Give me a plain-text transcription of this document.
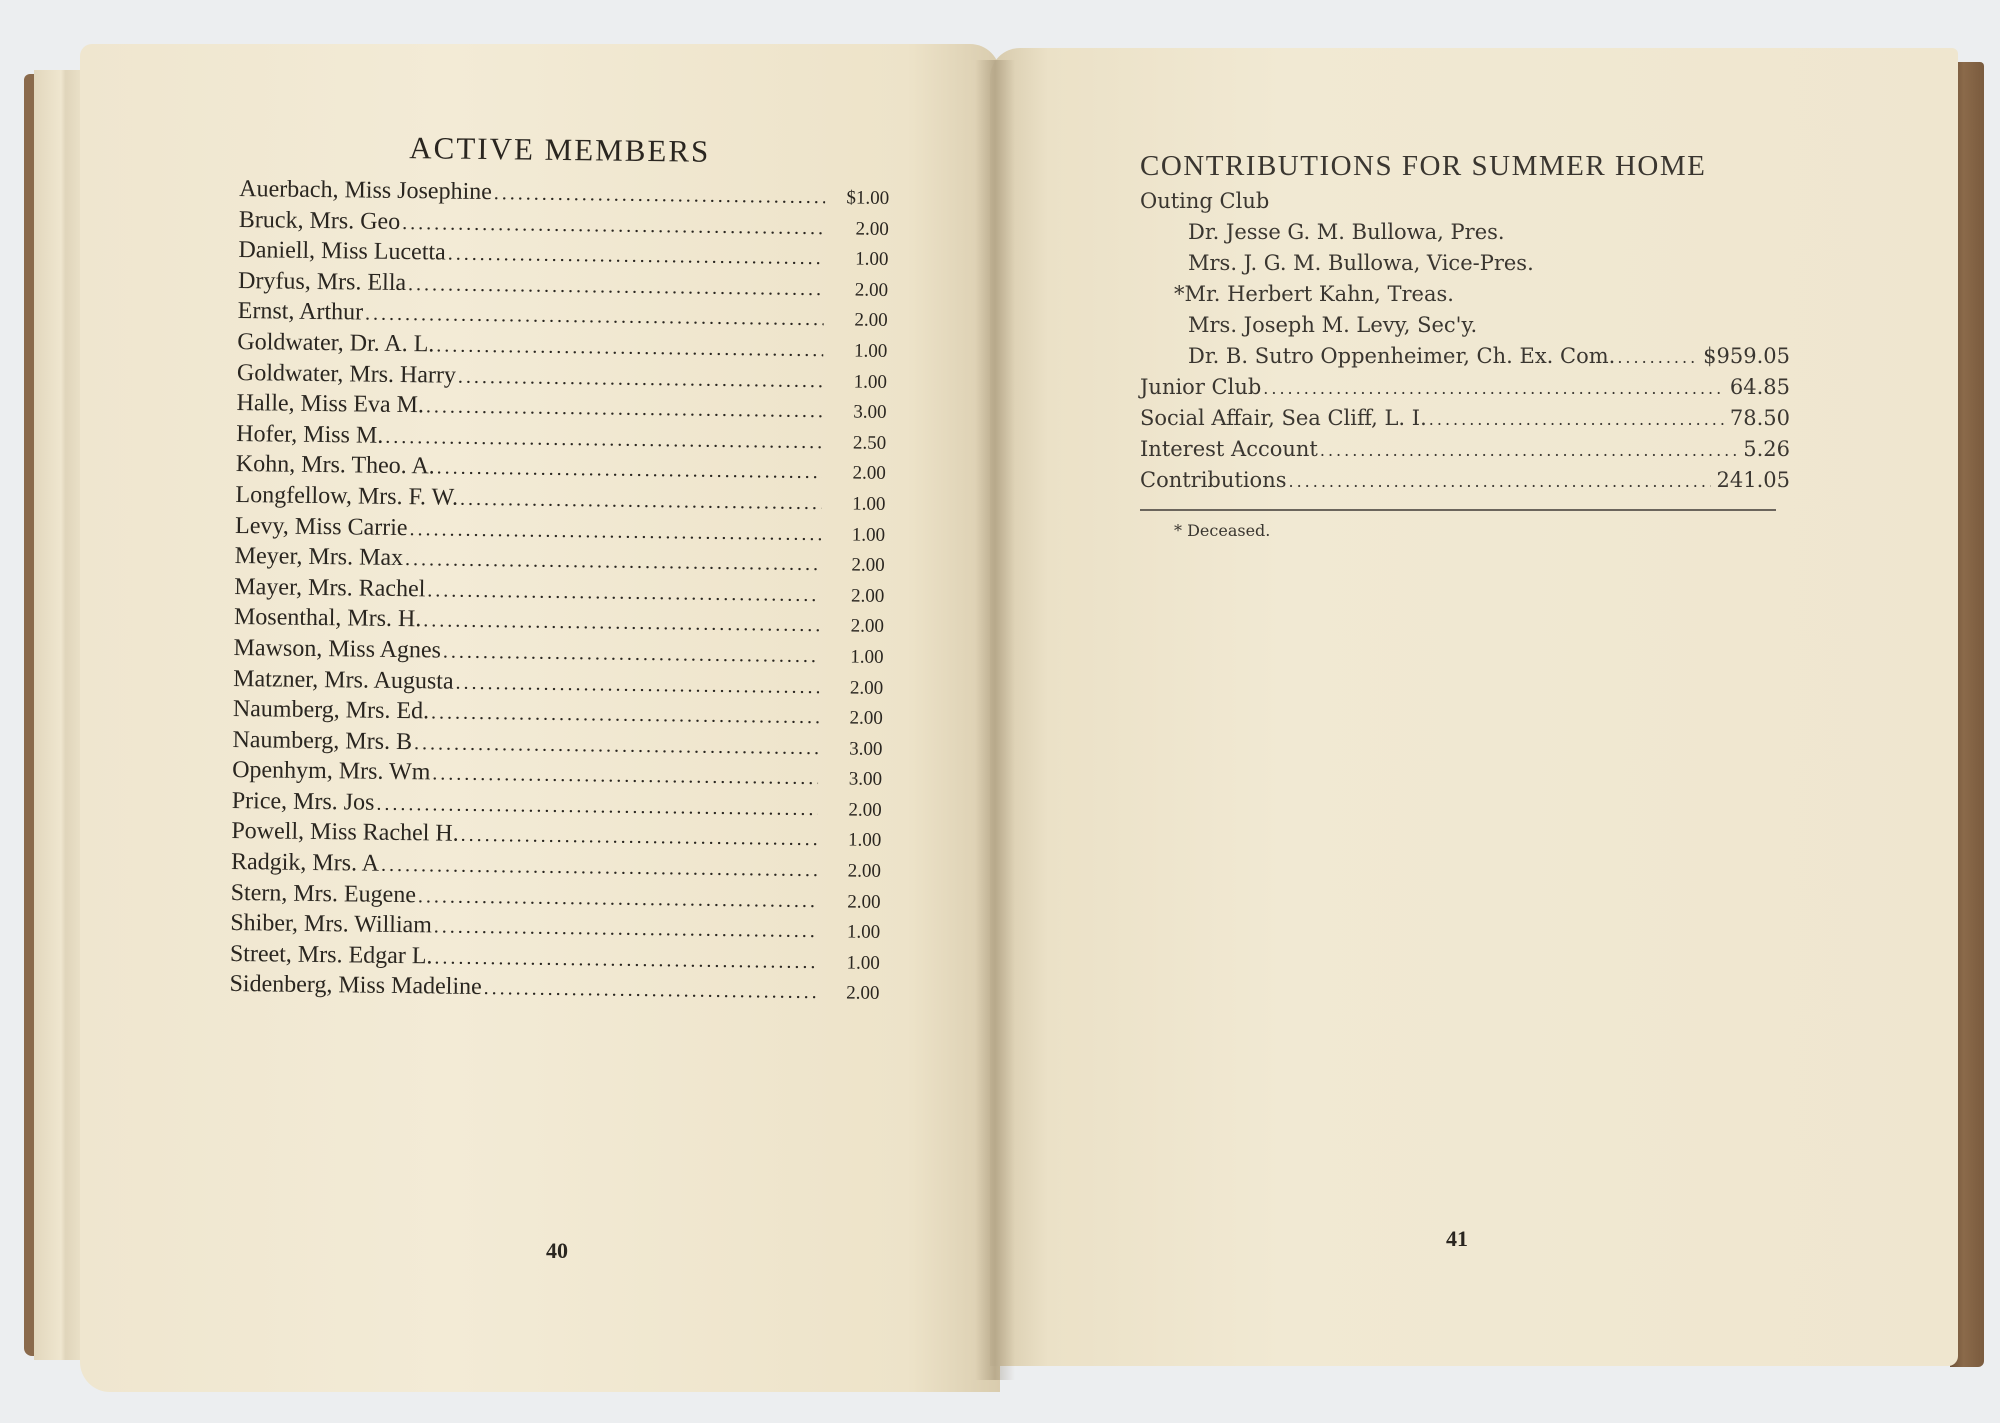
ACTIVE MEMBERS
Auerbach, Miss Josephine .....	$1.00
Bruck, Mrs. Geo .....	2.00
Daniell, Miss Lucetta .....	1.00
Dryfus, Mrs. Ella .....	2.00
Ernst, Arthur .....	2.00
Goldwater, Dr. A. L. .....	1.00
Goldwater, Mrs. Harry .....	1.00
Halle, Miss Eva M. .....	3.00
Hofer, Miss M. .....	2.50
Kohn, Mrs. Theo. A. .....	2.00
Longfellow, Mrs. F. W. .....	1.00
Levy, Miss Carrie .....	1.00
Meyer, Mrs. Max .....	2.00
Mayer, Mrs. Rachel .....	2.00
Mosenthal, Mrs. H. .....	2.00
Mawson, Miss Agnes .....	1.00
Matzner, Mrs. Augusta .....	2.00
Naumberg, Mrs. Ed. .....	2.00
Naumberg, Mrs. B .....	3.00
Openhym, Mrs. Wm .....	3.00
Price, Mrs. Jos .....	2.00
Powell, Miss Rachel H. .....	1.00
Radgik, Mrs. A .....	2.00
Stern, Mrs. Eugene .....	2.00
Shiber, Mrs. William .....	1.00
Street, Mrs. Edgar L. .....	1.00
Sidenberg, Miss Madeline .....	2.00
40
CONTRIBUTIONS FOR SUMMER HOME
Outing Club
Dr. Jesse G. M. Bullowa, Pres.
Mrs. J. G. M. Bullowa, Vice-Pres.
*Mr. Herbert Kahn, Treas.
Mrs. Joseph M. Levy, Sec'y.
Dr. B. Sutro Oppenheimer, Ch. Ex. Com. .....	$959.05
Junior Club .....	64.85
Social Affair, Sea Cliff, L. I. .....	78.50
Interest Account .....	5.26
Contributions .....	241.05
* Deceased.
41
